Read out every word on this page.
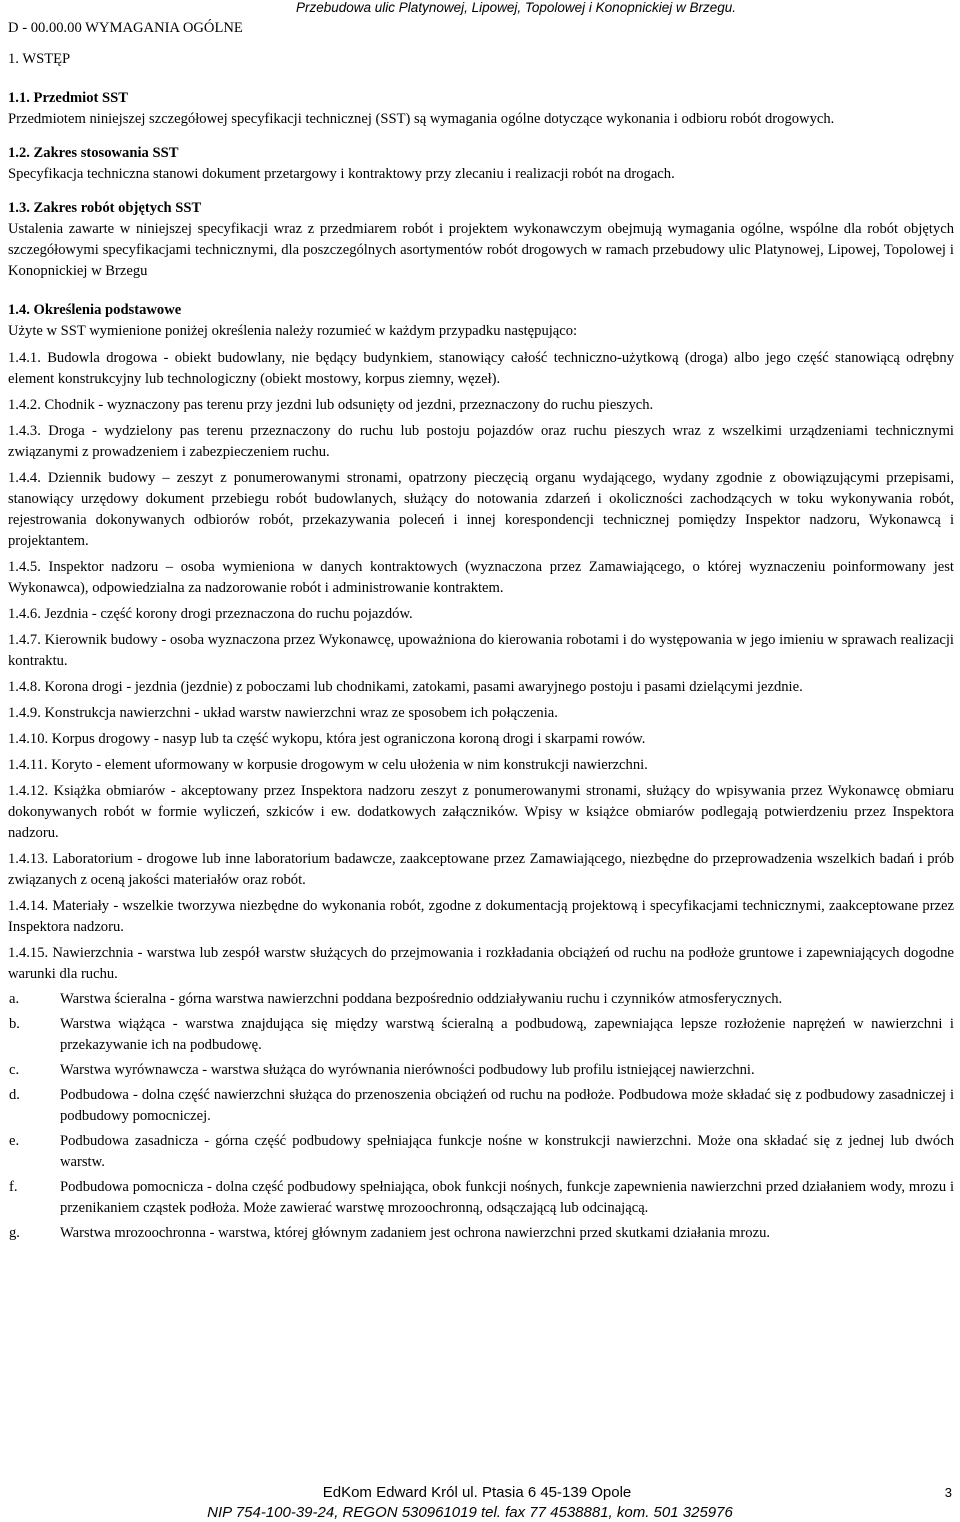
Przebudowa ulic Platynowej, Lipowej, Topolowej i Konopnickiej w Brzegu.

D - 00.00.00 WYMAGANIA OGÓLNE

1. WSTĘP

1.1. Przedmiot SST

Przedmiotem niniejszej szczegółowej specyfikacji technicznej (SST) są wymagania ogólne dotyczące wykonania i odbioru robót drogowych.

1.2. Zakres stosowania SST

Specyfikacja techniczna stanowi dokument przetargowy i kontraktowy przy zlecaniu i realizacji robót na drogach.

1.3. Zakres robót objętych SST

Ustalenia zawarte w niniejszej specyfikacji wraz z przedmiarem robót i projektem wykonawczym obejmują wymagania ogólne, wspólne dla robót objętych szczegółowymi specyfikacjami technicznymi, dla poszczególnych asortymentów robót drogowych w ramach przebudowy ulic Platynowej, Lipowej, Topolowej i Konopnickiej w Brzegu

1.4. Określenia podstawowe

Użyte w SST wymienione poniżej określenia należy rozumieć w każdym przypadku następująco:

1.4.1. Budowla drogowa - obiekt budowlany, nie będący budynkiem, stanowiący całość techniczno-użytkową (droga) albo jego część stanowiącą odrębny element konstrukcyjny lub technologiczny (obiekt mostowy, korpus ziemny, węzeł).

1.4.2. Chodnik - wyznaczony pas terenu przy jezdni lub odsunięty od jezdni, przeznaczony do ruchu pieszych.

1.4.3. Droga - wydzielony pas terenu przeznaczony do ruchu lub postoju pojazdów oraz ruchu pieszych wraz z wszelkimi urządzeniami technicznymi związanymi z prowadzeniem i zabezpieczeniem ruchu.

1.4.4. Dziennik budowy – zeszyt z ponumerowanymi stronami, opatrzony pieczęcią organu wydającego, wydany zgodnie z obowiązującymi przepisami, stanowiący urzędowy dokument przebiegu robót budowlanych, służący do notowania zdarzeń i okoliczności zachodzących w toku wykonywania robót, rejestrowania dokonywanych odbiorów robót, przekazywania poleceń i innej korespondencji technicznej pomiędzy Inspektor nadzoru, Wykonawcą i projektantem.

1.4.5. Inspektor nadzoru – osoba wymieniona w danych kontraktowych (wyznaczona przez Zamawiającego, o której wyznaczeniu poinformowany jest Wykonawca), odpowiedzialna za nadzorowanie robót i administrowanie kontraktem.

1.4.6. Jezdnia - część korony drogi przeznaczona do ruchu pojazdów.

1.4.7. Kierownik budowy - osoba wyznaczona przez Wykonawcę, upoważniona do kierowania robotami i do występowania w jego imieniu w sprawach realizacji kontraktu.

1.4.8. Korona drogi - jezdnia (jezdnie) z poboczami lub chodnikami, zatokami, pasami awaryjnego postoju i pasami dzielącymi jezdnie.

1.4.9. Konstrukcja nawierzchni - układ warstw nawierzchni wraz ze sposobem ich połączenia.

1.4.10. Korpus drogowy - nasyp lub ta część wykopu, która jest ograniczona koroną drogi i skarpami rowów.

1.4.11. Koryto - element uformowany w korpusie drogowym w celu ułożenia w nim konstrukcji nawierzchni.

1.4.12. Książka obmiarów - akceptowany przez Inspektora nadzoru zeszyt z ponumerowanymi stronami, służący do wpisywania przez Wykonawcę obmiaru dokonywanych robót w formie wyliczeń, szkiców i ew. dodatkowych załączników. Wpisy w książce obmiarów podlegają potwierdzeniu przez Inspektora nadzoru.

1.4.13. Laboratorium - drogowe lub inne laboratorium badawcze, zaakceptowane przez Zamawiającego, niezbędne do przeprowadzenia wszelkich badań i prób związanych z oceną jakości materiałów oraz robót.

1.4.14. Materiały - wszelkie tworzywa niezbędne do wykonania robót, zgodne z dokumentacją projektową i specyfikacjami technicznymi, zaakceptowane przez Inspektora nadzoru.

1.4.15. Nawierzchnia - warstwa lub zespół warstw służących do przejmowania i rozkładania obciążeń od ruchu na podłoże gruntowe i zapewniających dogodne warunki dla ruchu.

a.	Warstwa ścieralna - górna warstwa nawierzchni poddana bezpośrednio oddziaływaniu ruchu i czynników atmosferycznych.
b.	Warstwa wiążąca - warstwa znajdująca się między warstwą ścieralną a podbudową, zapewniająca lepsze rozłożenie naprężeń w nawierzchni i przekazywanie ich na podbudowę.
c.	Warstwa wyrównawcza - warstwa służąca do wyrównania nierówności podbudowy lub profilu istniejącej nawierzchni.
d.	Podbudowa - dolna część nawierzchni służąca do przenoszenia obciążeń od ruchu na podłoże. Podbudowa może składać się z podbudowy zasadniczej i podbudowy pomocniczej.
e.	Podbudowa zasadnicza - górna część podbudowy spełniająca funkcje nośne w konstrukcji nawierzchni. Może ona składać się z jednej lub dwóch warstw.
f.	Podbudowa pomocnicza - dolna część podbudowy spełniająca, obok funkcji nośnych, funkcje zapewnienia nawierzchni przed działaniem wody, mrozu i przenikaniem cząstek podłoża. Może zawierać warstwę mrozoochronną, odsączającą lub odcinającą.
g.	Warstwa mrozoochronna - warstwa, której głównym zadaniem jest ochrona nawierzchni przed skutkami działania mrozu.
EdKom Edward Król ul. Ptasia 6 45-139 Opole
NIP 754-100-39-24, REGON 530961019 tel. fax 77 4538881, kom. 501 325976
3
